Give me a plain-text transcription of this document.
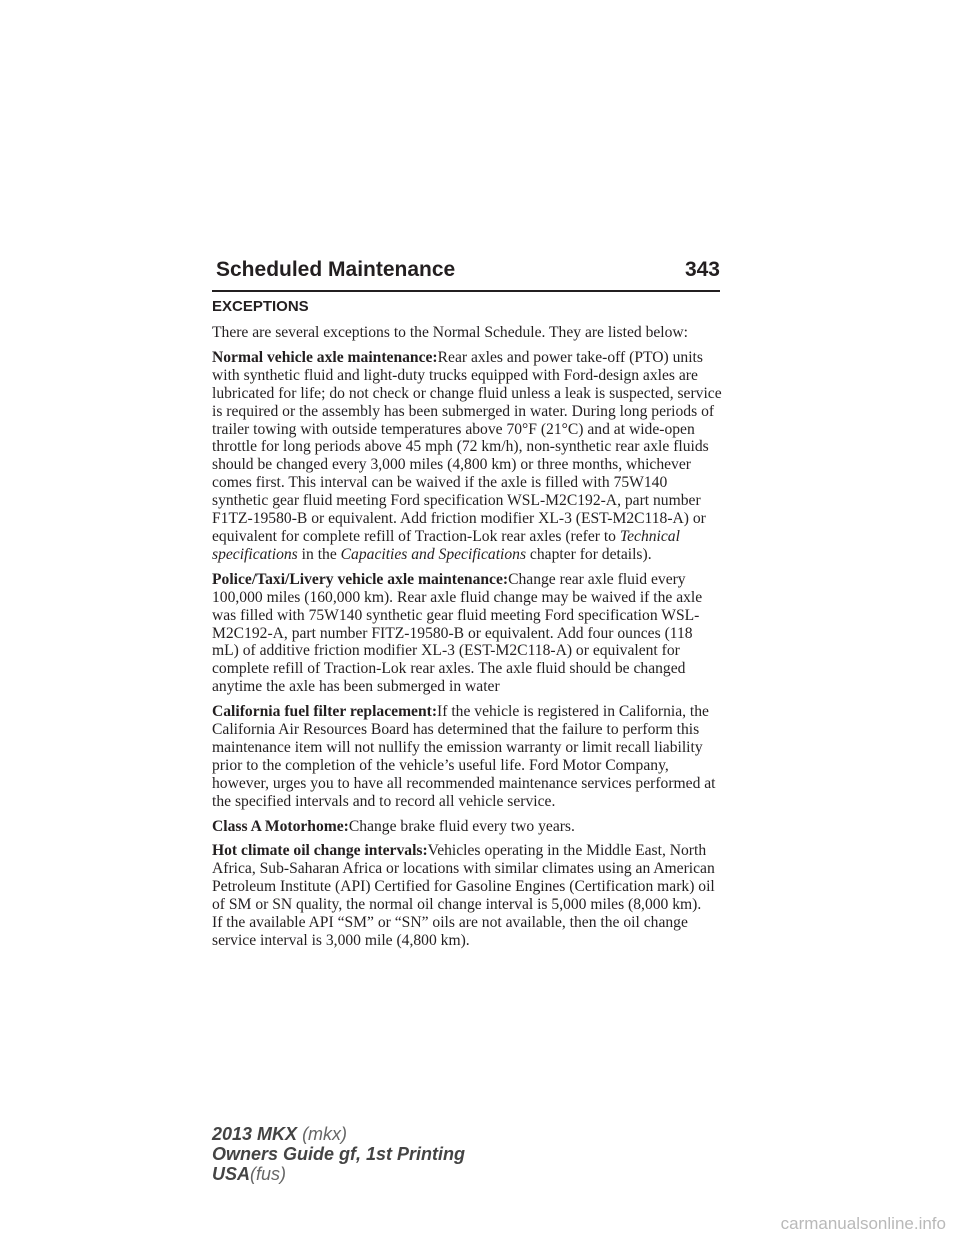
Scheduled Maintenance	343
EXCEPTIONS

There are several exceptions to the Normal Schedule. They are listed below:

Normal vehicle axle maintenance:Rear axles and power take-off (PTO) units with synthetic fluid and light-duty trucks equipped with Ford-design axles are lubricated for life; do not check or change fluid unless a leak is suspected, service is required or the assembly has been submerged in water. During long periods of trailer towing with outside temperatures above 70°F (21°C) and at wide-open throttle for long periods above 45 mph (72 km/h), non-synthetic rear axle fluids should be changed every 3,000 miles (4,800 km) or three months, whichever comes first. This interval can be waived if the axle is filled with 75W140 synthetic gear fluid meeting Ford specification WSL-M2C192-A, part number F1TZ-19580-B or equivalent. Add friction modifier XL-3 (EST-M2C118-A) or equivalent for complete refill of Traction-Lok rear axles (refer to Technical specifications in the Capacities and Specifications chapter for details).

Police/Taxi/Livery vehicle axle maintenance:Change rear axle fluid every 100,000 miles (160,000 km). Rear axle fluid change may be waived if the axle was filled with 75W140 synthetic gear fluid meeting Ford specification WSL-M2C192-A, part number FITZ-19580-B or equivalent. Add four ounces (118 mL) of additive friction modifier XL-3 (EST-M2C118-A) or equivalent for complete refill of Traction-Lok rear axles. The axle fluid should be changed anytime the axle has been submerged in water

California fuel filter replacement:If the vehicle is registered in California, the California Air Resources Board has determined that the failure to perform this maintenance item will not nullify the emission warranty or limit recall liability prior to the completion of the vehicle’s useful life. Ford Motor Company, however, urges you to have all recommended maintenance services performed at the specified intervals and to record all vehicle service.

Class A Motorhome:Change brake fluid every two years.

Hot climate oil change intervals:Vehicles operating in the Middle East, North Africa, Sub-Saharan Africa or locations with similar climates using an American Petroleum Institute (API) Certified for Gasoline Engines (Certification mark) oil of SM or SN quality, the normal oil change interval is 5,000 miles (8,000 km).

If the available API “SM” or “SN” oils are not available, then the oil change service interval is 3,000 mile (4,800 km).

2013 MKX (mkx)
Owners Guide gf, 1st Printing
USA(fus)
carmanualsonline.info
